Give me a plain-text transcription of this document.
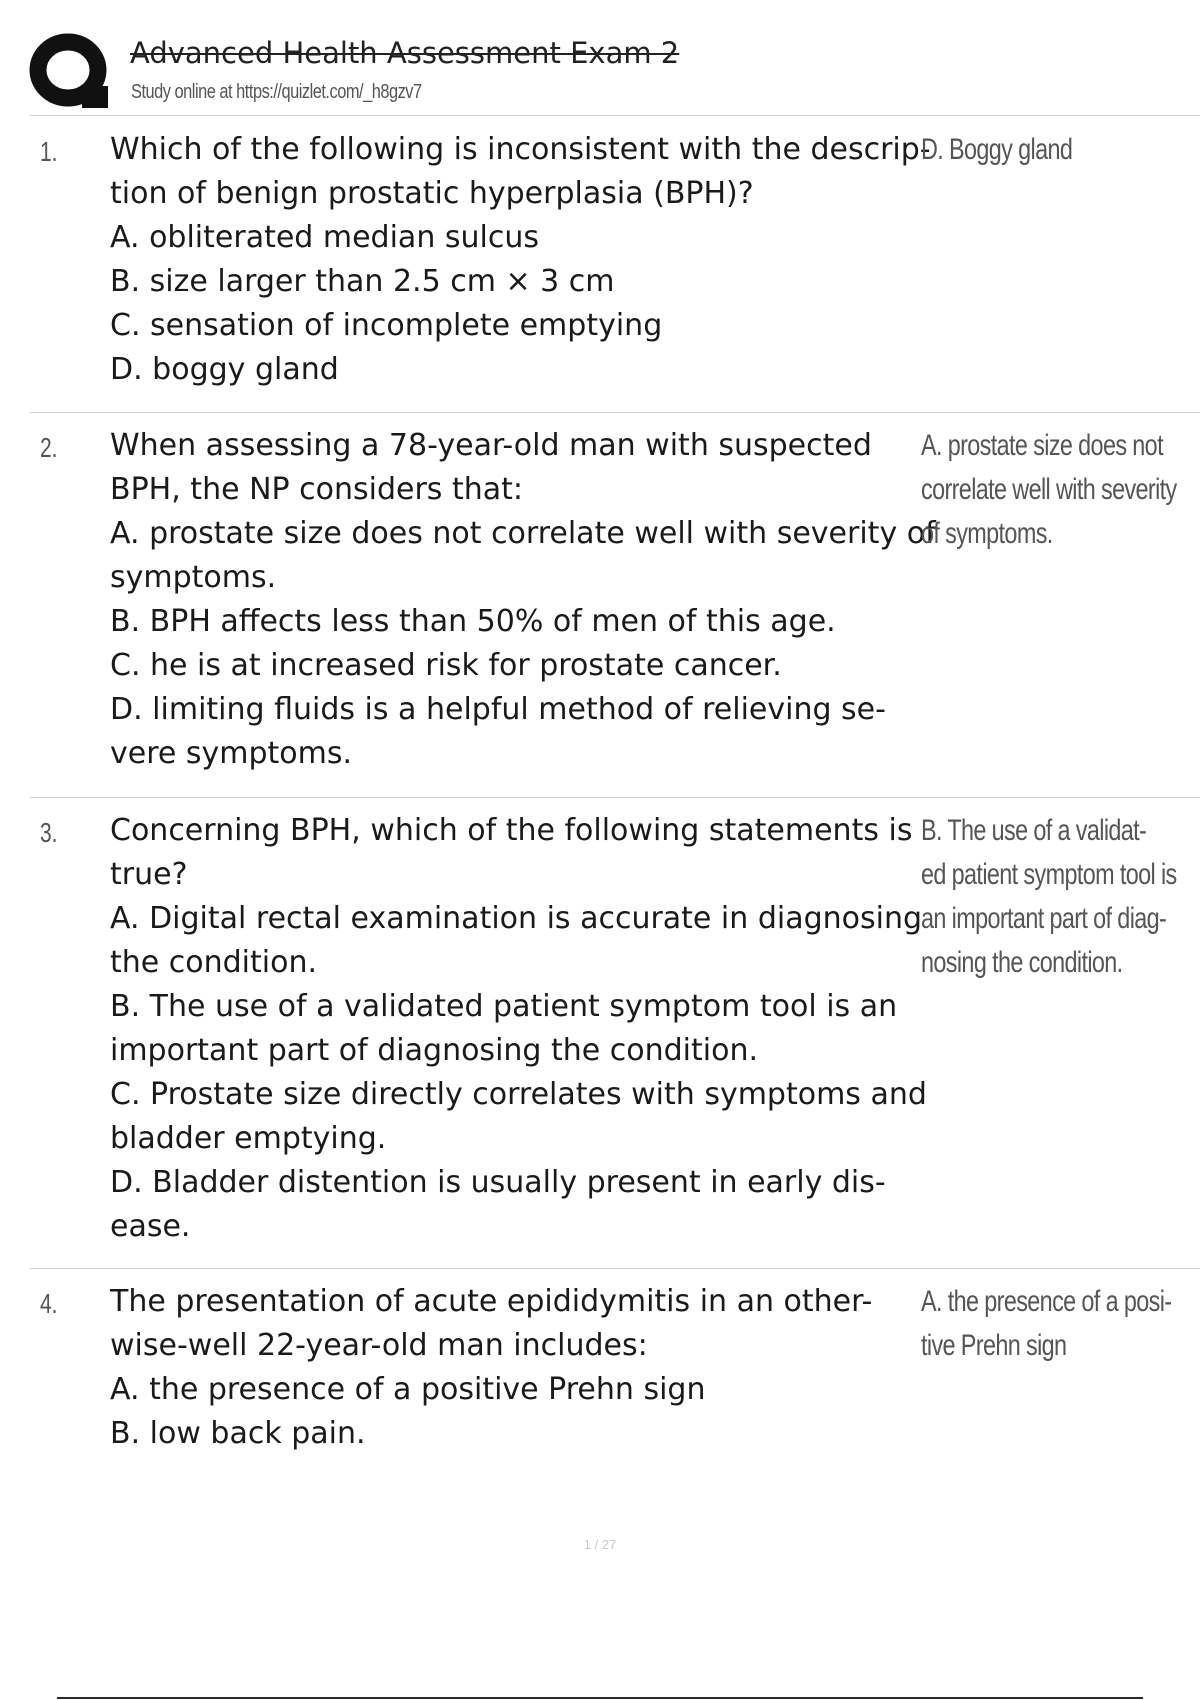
Advanced Health Assessment Exam 2
Study online at https://quizlet.com/_h8gzv7
1. Which of the following is inconsistent with the descrip-
tion of benign prostatic hyperplasia (BPH)?
A. obliterated median sulcus
B. size larger than 2.5 cm × 3 cm
C. sensation of incomplete emptying
D. boggy gland
D. Boggy gland
2. When assessing a 78-year-old man with suspected
BPH, the NP considers that:
A. prostate size does not correlate well with severity of
symptoms.
B. BPH affects less than 50% of men of this age.
C. he is at increased risk for prostate cancer.
D. limiting fluids is a helpful method of relieving se-
vere symptoms.
A. prostate size does not
correlate well with severity
of symptoms.
3. Concerning BPH, which of the following statements is
true?
A. Digital rectal examination is accurate in diagnosing
the condition.
B. The use of a validated patient symptom tool is an
important part of diagnosing the condition.
C. Prostate size directly correlates with symptoms and
bladder emptying.
D. Bladder distention is usually present in early dis-
ease.
B. The use of a validat-
ed patient symptom tool is
an important part of diag-
nosing the condition.
4. The presentation of acute epididymitis in an other-
wise-well 22-year-old man includes:
A. the presence of a positive Prehn sign
B. low back pain.
A. the presence of a posi-
tive Prehn sign
1 / 27
